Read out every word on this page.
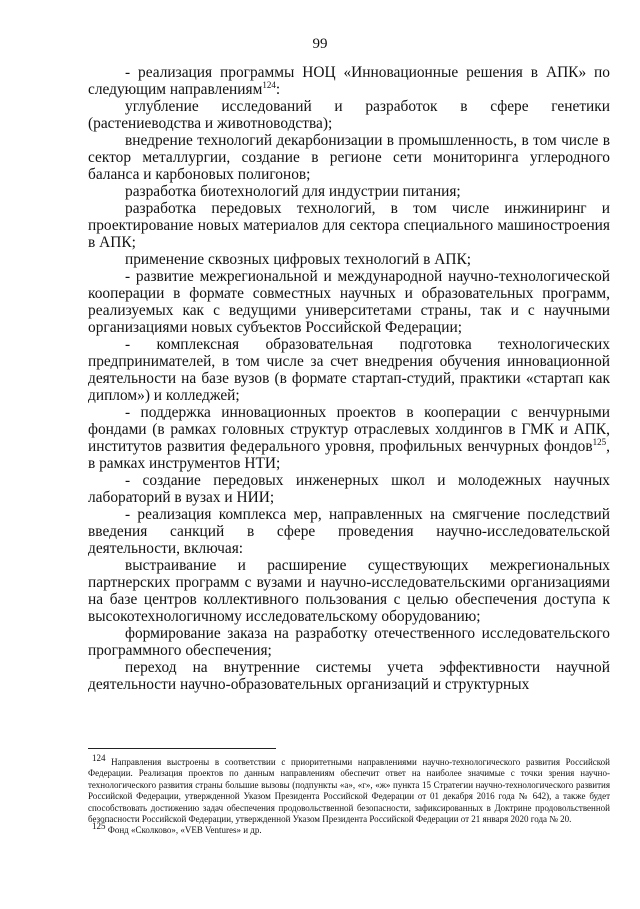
99

- реализация программы НОЦ «Инновационные решения в АПК» по следующим направлениям$^{124}$:

углубление исследований и разработок в сфере генетики (растениеводства и животноводства);

внедрение технологий декарбонизации в промышленность, в том числе в сектор металлургии, создание в регионе сети мониторинга углеродного баланса и карбоновых полигонов;

разработка биотехнологий для индустрии питания;

разработка передовых технологий, в том числе инжиниринг и проектирование новых материалов для сектора специального машиностроения в АПК;

применение сквозных цифровых технологий в АПК;

- развитие межрегиональной и международной научно-технологической кооперации в формате совместных научных и образовательных программ, реализуемых как с ведущими университетами страны, так и с научными организациями новых субъектов Российской Федерации;

- комплексная образовательная подготовка технологических предпринимателей, в том числе за счет внедрения обучения инновационной деятельности на базе вузов (в формате стартап-студий, практики «стартап как диплом») и колледжей;

- поддержка инновационных проектов в кооперации с венчурными фондами (в рамках головных структур отраслевых холдингов в ГМК и АПК, институтов развития федерального уровня, профильных венчурных фондов$^{125}$, в рамках инструментов НТИ;

- создание передовых инженерных школ и молодежных научных лабораторий в вузах и НИИ;

- реализация комплекса мер, направленных на смягчение последствий введения санкций в сфере проведения научно-исследовательской деятельности, включая:

выстраивание и расширение существующих межрегиональных партнерских программ с вузами и научно-исследовательскими организациями на базе центров коллективного пользования с целью обеспечения доступа к высокотехнологичному исследовательскому оборудованию;

формирование заказа на разработку отечественного исследовательского программного обеспечения;

переход на внутренние системы учета эффективности научной деятельности научно-образовательных организаций и структурных

$^{124}$ Направления выстроены в соответствии с приоритетными направлениями научно-технологического развития Российской Федерации. Реализация проектов по данным направлениям обеспечит ответ на наиболее значимые с точки зрения научно-технологического развития страны большие вызовы (подпункты «а», «г», «ж» пункта 15 Стратегии научно-технологического развития Российской Федерации, утвержденной Указом Президента Российской Федерации от 01 декабря 2016 года № 642), а также будет способствовать достижению задач обеспечения продовольственной безопасности, зафиксированных в Доктрине продовольственной безопасности Российской Федерации, утвержденной Указом Президента Российской Федерации от 21 января 2020 года № 20.

$^{125}$ Фонд «Сколково», «VEB Ventures» и др.
